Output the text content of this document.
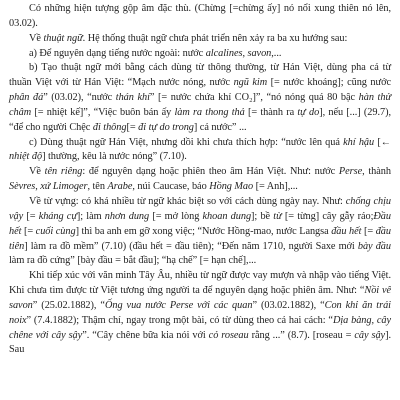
Có những hiện tượng gộp âm đặc thù. (Chừng [=chừng ấy] nó nổi xung thiên nó lên, 03.02).

Về thuật ngữ. Hệ thống thuật ngữ chưa phát triển nên xảy ra ba xu hướng sau:

a) Để nguyên dạng tiếng nước ngoài: nước alcalines, savon,...

b) Tạo thuật ngữ mới bằng cách dùng từ thông thường, từ Hán Việt, dùng pha cả từ thuần Việt với từ Hán Việt: “Mạch nước nóng, nước ngũ kim [= nước khoáng]; cũng nước phân đá” (03.02), “nước thán khí” [= nước chứa khí CO₂]”, “nó nóng quá 80 bậc hàn thử châm [= nhiệt kế]”, “Việc buôn bán ấy làm ra thong thả [= thành ra tự do], nếu [...] (29.7), “để cho người Chệc đi thông[= đi tự do trong] cả nước” ...

c) Dùng thuật ngữ Hán Việt, nhưng dồi khi chưa thích hợp: “nước lên quá khí hậu [← nhiệt độ] thường, kêu là nước nóng” (7.10).

Về tên riêng: để nguyên dạng hoặc phiên theo âm Hán Việt. Như: nước Perse, thành Sèvres, xứ Limoger, tên Arabe, núi Caucase, báo Hồng Mao [= Anh],...

Về từ vựng: có khá nhiều từ ngữ khác biệt so với cách dùng ngày nay. Như: chống chịu vậy [= kháng cự]; làm nhơn dung [= mở lòng khoan dung]; bề từ [= từng] cây gẫy ráo;Đầu hết [= cuối cùng] thì ba anh em gỡ xong việc; “Nước Hồng-mao, nước Langsa đầu hết [= đầu tiên] làm ra đồ mềm” (7.10) (đầu hết = đầu tiên); “Đến năm 1710, người Saxe mới bày đầu làm ra đồ cứng” [bày đầu = bắt đầu]; “hạ chế” [= hạn chế],...

Khi tiếp xúc với văn minh Tây Âu, nhiều từ ngữ được vay mượn và nhập vào tiếng Việt. Khi chưa tìm được từ Việt tương ứng người ta để nguyên dạng hoặc phiên âm. Như: “Nồi vê savon” (25.02.1882), “Ống vua nước Perse với các quan” (03.02.1882), “Con khỉ ăn trái noix” (7.4.1882); Thậm chí, ngay trong một bài, có từ dùng theo cả hai cách: “Dịa bàng, cây chêne với cây sậy”. “Cây chêne bữa kia nói với cỏ roseau rằng ...” (8.7). [roseau = cây sậy]. Sau
